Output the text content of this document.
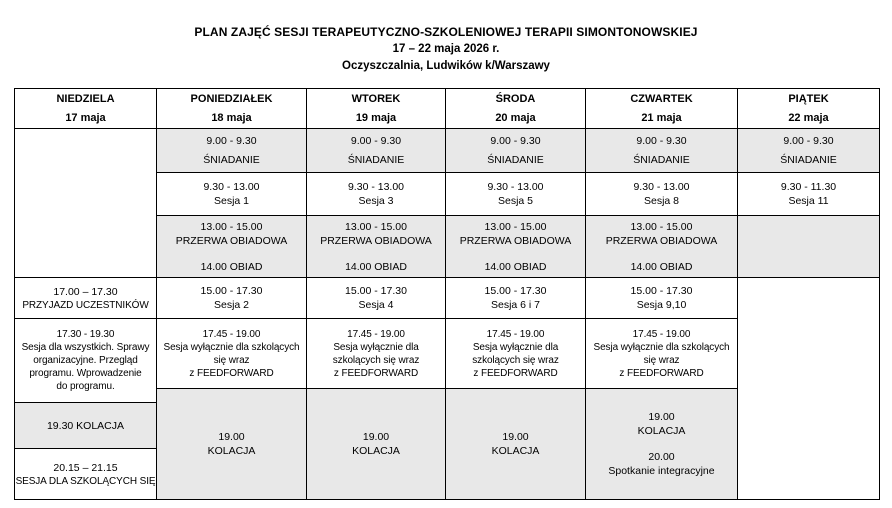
PLAN ZAJĘĆ SESJI TERAPEUTYCZNO-SZKOLENIOWEJ TERAPII SIMONTONOWSKIEJ
17 – 22 maja 2026 r.
Oczyszczalnia, Ludwików k/Warszawy
NIEDZIELA
17 maja
17.00 – 17.30
PRZYJAZD UCZESTNIKÓW
17.30 - 19.30
Sesja dla wszystkich. Sprawy
organizacyjne. Przegląd
programu. Wprowadzenie
do programu.
19.30 KOLACJA
20.15 – 21.15
SESJA DLA SZKOLĄCYCH SIĘ
PONIEDZIAŁEK
18 maja
9.00 - 9.30
ŚNIADANIE
9.30 - 13.00
Sesja 1
13.00 - 15.00
PRZERWA OBIADOWA
14.00 OBIAD
15.00 - 17.30
Sesja 2
17.45 - 19.00
Sesja wyłącznie dla szkolących
się wraz
z FEEDFORWARD
19.00
KOLACJA
WTOREK
19 maja
9.00 - 9.30
ŚNIADANIE
9.30 - 13.00
Sesja 3
13.00 - 15.00
PRZERWA OBIADOWA
14.00 OBIAD
15.00 - 17.30
Sesja 4
17.45 - 19.00
Sesja wyłącznie dla
szkolących się wraz
z FEEDFORWARD
19.00
KOLACJA
ŚRODA
20 maja
9.00 - 9.30
ŚNIADANIE
9.30 - 13.00
Sesja 5
13.00 - 15.00
PRZERWA OBIADOWA
14.00 OBIAD
15.00 - 17.30
Sesja 6 i 7
17.45 - 19.00
Sesja wyłącznie dla
szkolących się wraz
z FEEDFORWARD
19.00
KOLACJA
CZWARTEK
21 maja
9.00 - 9.30
ŚNIADANIE
9.30 - 13.00
Sesja 8
13.00 - 15.00
PRZERWA OBIADOWA
14.00 OBIAD
15.00 - 17.30
Sesja 9,10
17.45 - 19.00
Sesja wyłącznie dla szkolących
się wraz
z FEEDFORWARD
19.00
KOLACJA
20.00
Spotkanie integracyjne
PIĄTEK
22 maja
9.00 - 9.30
ŚNIADANIE
9.30 - 11.30
Sesja 11
